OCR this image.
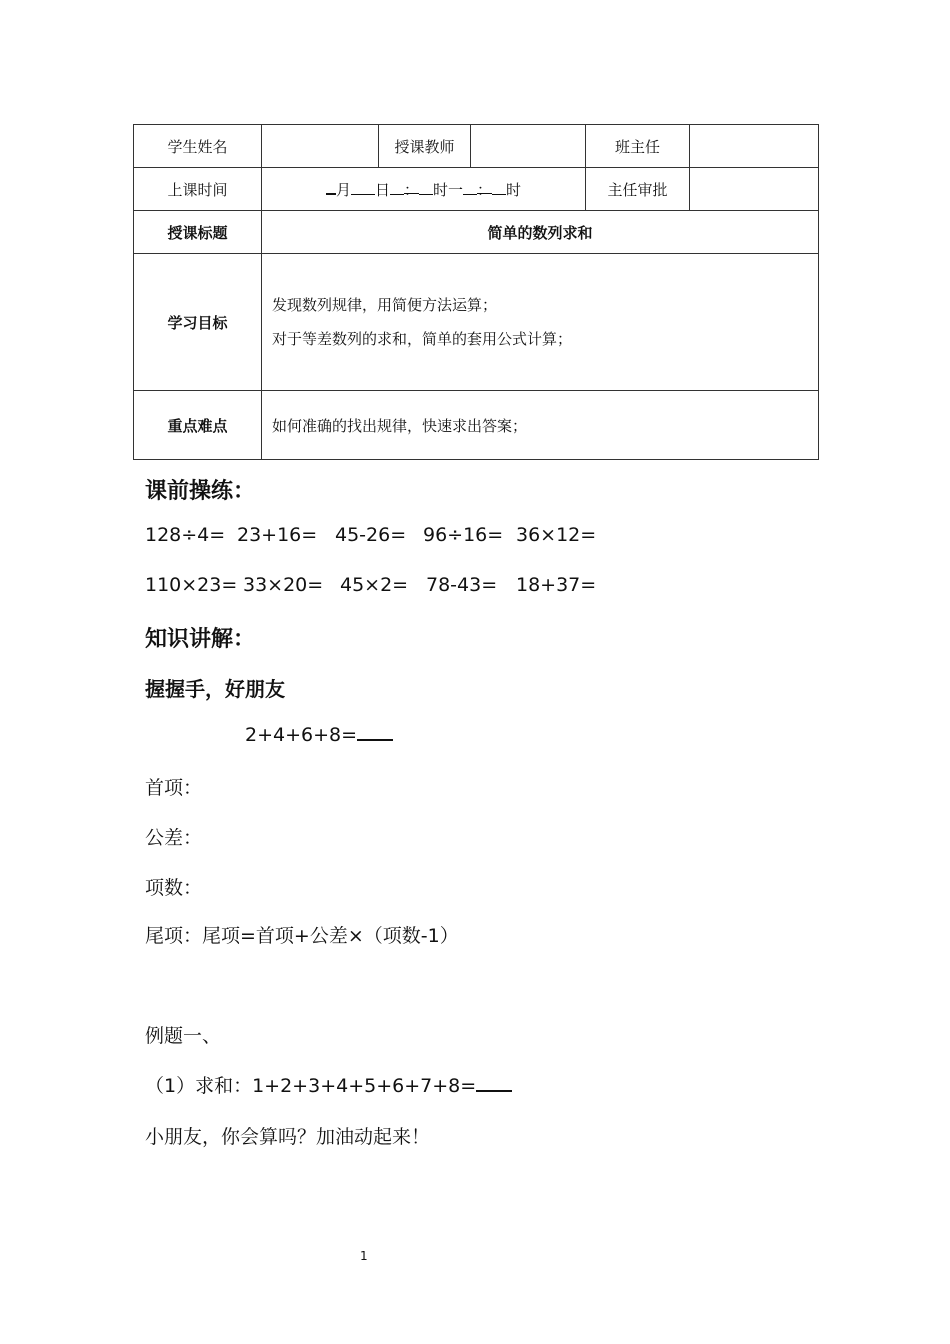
学生姓名		授课教师		班主任	
上课时间	月 日 ： 时一 ： 时			主任审批	
授课标题	简单的数列求和				
学习目标	发现数列规律，用简便方法运算；
对于等差数列的求和，简单的套用公式计算；				

重点难点	如何准确的找出规律，快速求出答案；				
课前操练：
128÷4= 23+16= 45-26= 96÷16= 36×12=
110×23= 33×20= 45×2= 78-43= 18+37=
知识讲解：
握握手，好朋友
2+4+6+8=
首项：
公差：
项数：
尾项：尾项=首项+公差×（项数-1）
例题一、
（1）求和：1+2+3+4+5+6+7+8=
小朋友，你会算吗？加油动起来！
1
